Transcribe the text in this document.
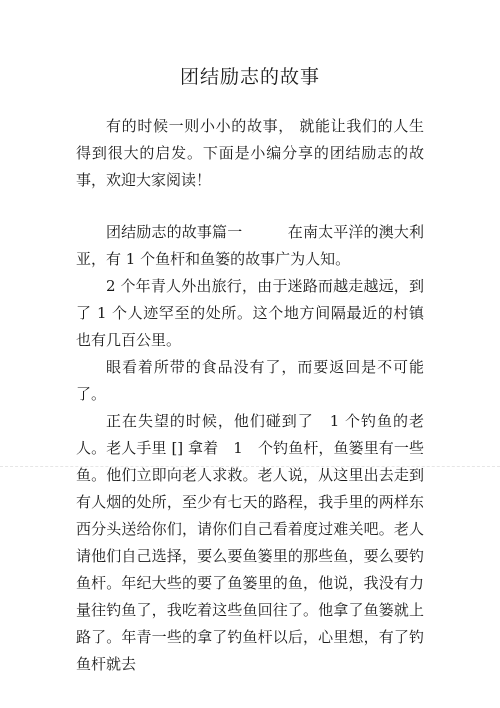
团结励志的故事

有的时候一则小小的故事， 就能让我们的人生得到很大的启发。下面是小编分享的团结励志的故事，欢迎大家阅读！

团结励志的故事篇一　　　在南太平洋的澳大利亚，有 1 个鱼杆和鱼篓的故事广为人知。

2 个年青人外出旅行，由于迷路而越走越远，到了 1 个人迹罕至的处所。这个地方间隔最近的村镇也有几百公里。

眼看着所带的食品没有了，而要返回是不可能了。

正在失望的时候，他们碰到了　1 个钓鱼的老人。老人手里 [] 拿着　1　个钓鱼杆，鱼篓里有一些鱼。他们立即向老人求救。老人说，从这里出去走到有人烟的处所，至少有七天的路程，我手里的两样东西分头送给你们，请你们自己看着度过难关吧。老人请他们自己选择，要么要鱼篓里的那些鱼，要么要钓鱼杆。年纪大些的要了鱼篓里的鱼，他说，我没有力量往钓鱼了，我吃着这些鱼回往了。他拿了鱼篓就上路了。年青一些的拿了钓鱼杆以后，心里想，有了钓鱼杆就去
